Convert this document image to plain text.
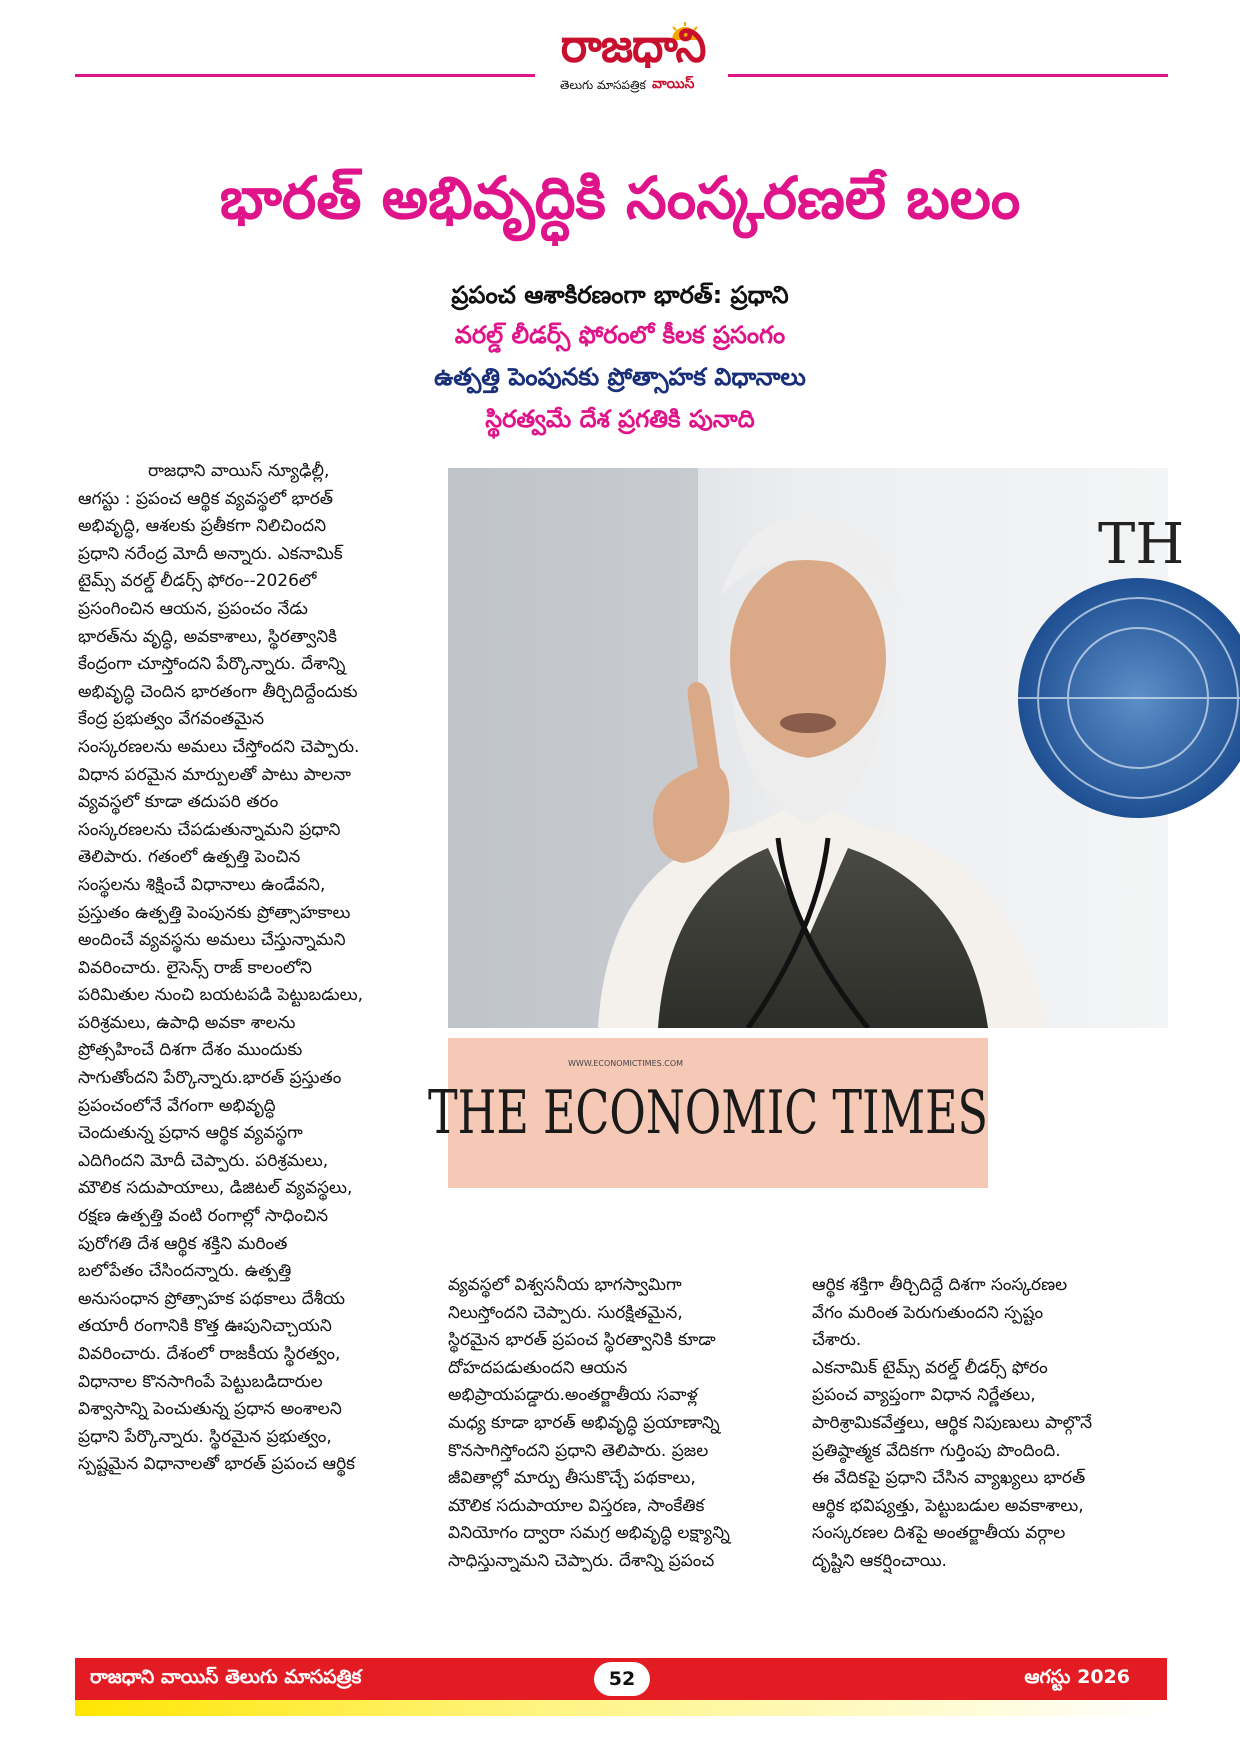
రాజధాని
తెలుగు మాసపత్రిక వాయిస్
భారత్ అభివృద్ధికి సంస్కరణలే బలం
ప్రపంచ ఆశాకిరణంగా భారత్: ప్రధాని
వరల్డ్ లీడర్స్ ఫోరంలో కీలక ప్రసంగం
ఉత్పత్తి పెంపునకు ప్రోత్సాహక విధానాలు
స్థిరత్వమే దేశ ప్రగతికి పునాది

రాజధాని వాయిస్ న్యూఢిల్లీ,

ఆగస్టు : ప్రపంచ ఆర్థిక వ్యవస్థలో భారత్

అభివృద్ధి, ఆశలకు ప్రతీకగా నిలిచిందని

ప్రధాని నరేంద్ర మోదీ అన్నారు. ఎకనామిక్

టైమ్స్ వరల్డ్ లీడర్స్ ఫోరం--2026లో

ప్రసంగించిన ఆయన, ప్రపంచం నేడు

భారత్‌ను వృద్ధి, అవకాశాలు, స్థిరత్వానికి

కేంద్రంగా చూస్తోందని పేర్కొన్నారు. దేశాన్ని

అభివృద్ధి చెందిన భారతంగా తీర్చిదిద్దేందుకు

కేంద్ర ప్రభుత్వం వేగవంతమైన

సంస్కరణలను అమలు చేస్తోందని చెప్పారు.

విధాన పరమైన మార్పులతో పాటు పాలనా

వ్యవస్థలో కూడా తదుపరి తరం

సంస్కరణలను చేపడుతున్నామని ప్రధాని

తెలిపారు. గతంలో ఉత్పత్తి పెంచిన

సంస్థలను శిక్షించే విధానాలు ఉండేవని,

ప్రస్తుతం ఉత్పత్తి పెంపునకు ప్రోత్సాహకాలు

అందించే వ్యవస్థను అమలు చేస్తున్నామని

వివరించారు. లైసెన్స్ రాజ్ కాలంలోని

పరిమితుల నుంచి బయటపడి పెట్టుబడులు,

పరిశ్రమలు, ఉపాధి అవకా శాలను

ప్రోత్సహించే దిశగా దేశం ముందుకు

సాగుతోందని పేర్కొన్నారు.భారత్ ప్రస్తుతం

ప్రపంచంలోనే వేగంగా అభివృద్ధి

చెందుతున్న ప్రధాన ఆర్థిక వ్యవస్థగా

ఎదిగిందని మోదీ చెప్పారు. పరిశ్రమలు,

మౌలిక సదుపాయాలు, డిజిటల్ వ్యవస్థలు,

రక్షణ ఉత్పత్తి వంటి రంగాల్లో సాధించిన

పురోగతి దేశ ఆర్థిక శక్తిని మరింత

బలోపేతం చేసిందన్నారు. ఉత్పత్తి

అనుసంధాన ప్రోత్సాహక పథకాలు దేశీయ

తయారీ రంగానికి కొత్త ఊపునిచ్చాయని

వివరించారు. దేశంలో రాజకీయ స్థిరత్వం,

విధానాల కొనసాగింపే పెట్టుబడిదారుల

విశ్వాసాన్ని పెంచుతున్న ప్రధాన అంశాలని

ప్రధాని పేర్కొన్నారు. స్థిరమైన ప్రభుత్వం,

స్పష్టమైన విధానాలతో భారత్ ప్రపంచ ఆర్థిక

TH
WWW.ECONOMICTIMES.COM
THE ECONOMIC TIMES

వ్యవస్థలో విశ్వసనీయ భాగస్వామిగా

నిలుస్తోందని చెప్పారు. సురక్షితమైన,

స్థిరమైన భారత్ ప్రపంచ స్థిరత్వానికి కూడా

దోహదపడుతుందని ఆయన

అభిప్రాయపడ్డారు.అంతర్జాతీయ సవాళ్ల

మధ్య కూడా భారత్ అభివృద్ధి ప్రయాణాన్ని

కొనసాగిస్తోందని ప్రధాని తెలిపారు. ప్రజల

జీవితాల్లో మార్పు తీసుకొచ్చే పథకాలు,

మౌలిక సదుపాయాల విస్తరణ, సాంకేతిక

వినియోగం ద్వారా సమగ్ర అభివృద్ధి లక్ష్యాన్ని

సాధిస్తున్నామని చెప్పారు. దేశాన్ని ప్రపంచ

ఆర్థిక శక్తిగా తీర్చిదిద్దే దిశగా సంస్కరణల

వేగం మరింత పెరుగుతుందని స్పష్టం

చేశారు.

ఎకనామిక్ టైమ్స్ వరల్డ్ లీడర్స్ ఫోరం

ప్రపంచ వ్యాప్తంగా విధాన నిర్ణేతలు,

పారిశ్రామికవేత్తలు, ఆర్థిక నిపుణులు పాల్గొనే

ప్రతిష్ఠాత్మక వేదికగా గుర్తింపు పొందింది.

ఈ వేదికపై ప్రధాని చేసిన వ్యాఖ్యలు భారత్

ఆర్థిక భవిష్యత్తు, పెట్టుబడుల అవకాశాలు,

సంస్కరణల దిశపై అంతర్జాతీయ వర్గాల

దృష్టిని ఆకర్షించాయి.

రాజధాని వాయిస్ తెలుగు మాసపత్రిక	52	ఆగస్టు 2026
